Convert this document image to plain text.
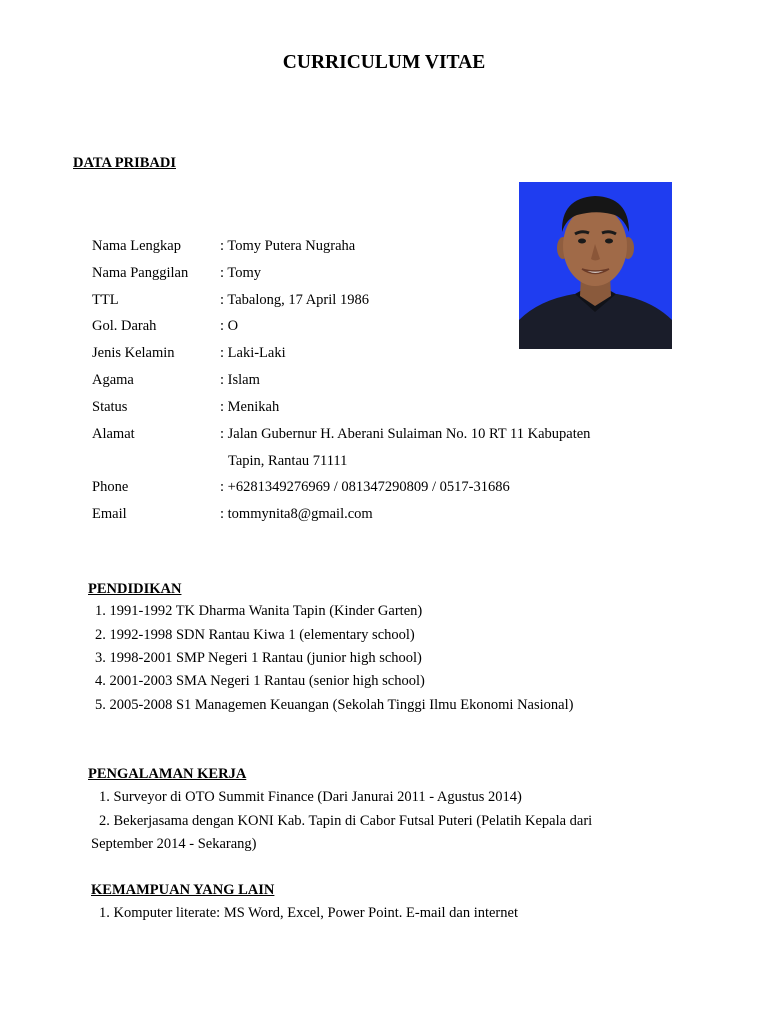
CURRICULUM VITAE
DATA PRIBADI
Nama Lengkap	: Tomy Putera Nugraha
Nama Panggilan : Tomy
TTL	: Tabalong, 17 April 1986
Gol. Darah	: O
Jenis Kelamin	: Laki-Laki
Agama	: Islam
Status	: Menikah
Alamat	: Jalan Gubernur H. Aberani Sulaiman No. 10 RT 11 Kabupaten
Tapin, Rantau 71111
Phone	: +6281349276969 / 081347290809 / 0517-31686
Email	: tommynita8@gmail.com
PENDIDIKAN
1. 1991-1992 TK Dharma Wanita Tapin (Kinder Garten)
2. 1992-1998 SDN Rantau Kiwa 1 (elementary school)
3. 1998-2001 SMP Negeri 1 Rantau (junior high school)
4. 2001-2003 SMA Negeri 1 Rantau (senior high school)
5. 2005-2008 S1 Managemen Keuangan (Sekolah Tinggi Ilmu Ekonomi Nasional)
PENGALAMAN KERJA
1. Surveyor di OTO Summit Finance (Dari Janurai 2011 - Agustus 2014)
2. Bekerjasama dengan KONI Kab. Tapin di Cabor Futsal Puteri (Pelatih Kepala dari
September 2014 - Sekarang)
KEMAMPUAN YANG LAIN
1. Komputer literate: MS Word, Excel, Power Point. E-mail dan internet
